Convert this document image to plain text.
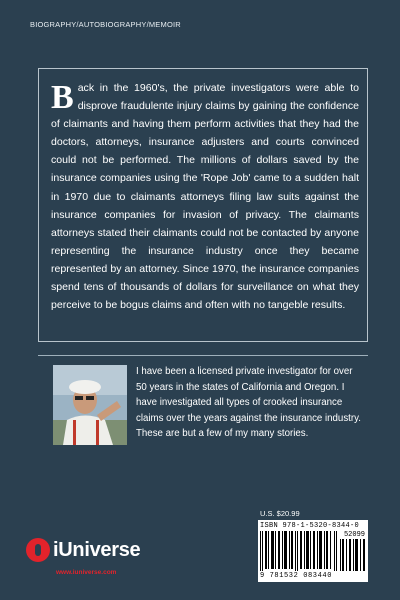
BIOGRAPHY/AUTOBIOGRAPHY/MEMOIR

Back in the 1960's, the private investigators were able to disprove fraudulente injury claims by gaining the confidence of claimants and having them perform activities that they had the doctors, attorneys, insurance adjusters and courts convinced could not be performed. The millions of dollars saved by the insurance companies using the 'Rope Job' came to a sudden halt in 1970 due to claimants attorneys filing law suits against the insurance companies for invasion of privacy. The claimants attorneys stated their claimants could not be contacted by anyone representing the insurance industry once they became represented by an attorney. Since 1970, the insurance companies spend tens of thousands of dollars for surveillance on what they perceive to be bogus claims and often with no tangeble results.

I have been a licensed private investigator for over 50 years in the states of California and Oregon. I have investigated all types of crooked insurance claims over the years against the insurance industry. These are but a few of my many stories.

U.S. $20.99
ISBN 978-1-5320-8344-0
52099
9 781532 083440
iUniverse
www.iuniverse.com
